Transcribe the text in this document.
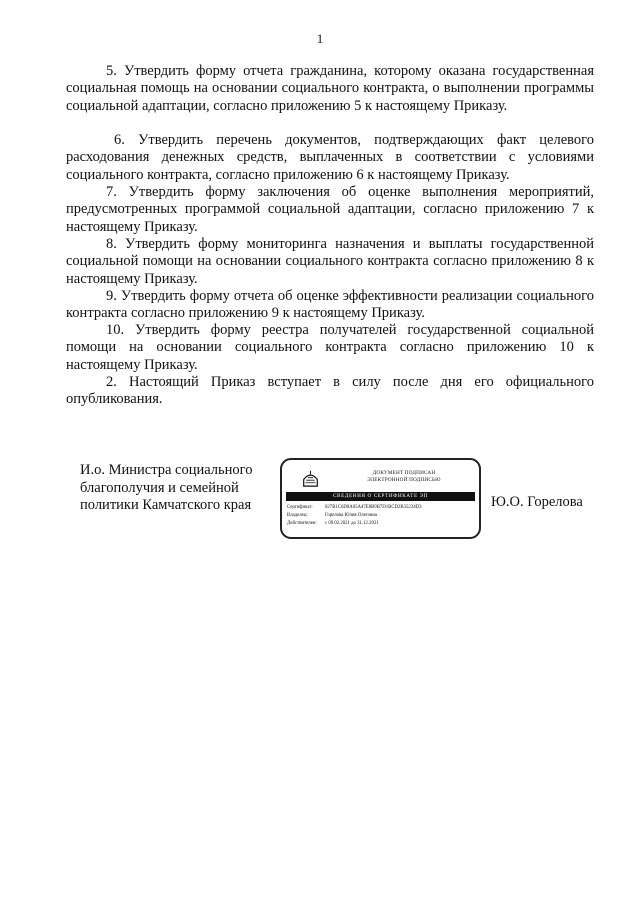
1

5. Утвердить форму отчета гражданина, которому оказана государственная социальная помощь на основании социального контракта, о выполнении программы социальной адаптации, согласно приложению 5 к настоящему Приказу.

6. Утвердить перечень документов, подтверждающих факт целевого расходования денежных средств, выплаченных в соответствии с условиями социального контракта, согласно приложению 6 к настоящему Приказу.

7. Утвердить форму заключения об оценке выполнения мероприятий, предусмотренных программой социальной адаптации, согласно приложению 7 к настоящему Приказу.

8. Утвердить форму мониторинга назначения и выплаты государственной социальной помощи на основании социального контракта согласно приложению 8 к настоящему Приказу.

9. Утвердить форму отчета об оценке эффективности реализации социального контракта согласно приложению 9 к настоящему Приказу.

10. Утвердить форму реестра получателей государственной социальной помощи на основании социального контракта согласно приложению 10 к настоящему Приказу.

2. Настоящий Приказ вступает в силу после дня его официального опубликования.

И.о. Министра социального благополучия и семейной политики Камчатского края
ДОКУМЕНТ ПОДПИСАН
ЭЛЕКТРОННОЙ ПОДПИСЬЮ
СВЕДЕНИЯ О СЕРТИФИКАТЕ ЭП
Сертификат:	027B1C6D8A05A47E8B9B7D1BCD2B35234D3
Владелец:	Горелова Юлия Олеговна
Действителен:	с 09.02.2021 до 31.12.2021
Ю.О. Горелова
